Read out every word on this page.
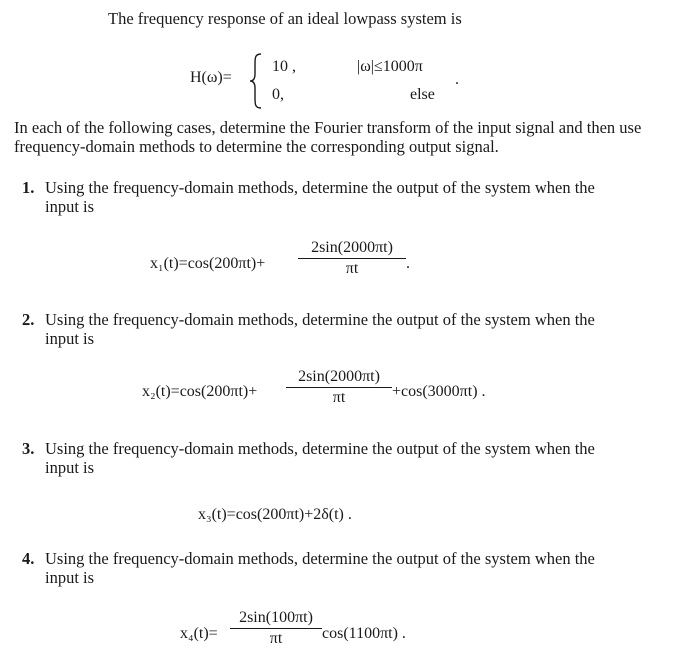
The frequency response of an ideal lowpass system is
H(ω)=
10 ,	|ω|≤1000π
0,	else
.
In each of the following cases, determine the Fourier transform of the input signal and then use
frequency-domain methods to determine the corresponding output signal.
1. Using the frequency-domain methods, determine the output of the system when the
input is
x₁(t)=cos(200πt)+
2sin(2000πt)
πt	.
2. Using the frequency-domain methods, determine the output of the system when the
input is
x₂(t)=cos(200πt)+
2sin(2000πt)
πt	+cos(3000πt) .
3. Using the frequency-domain methods, determine the output of the system when the
input is
x₃(t)=cos(200πt)+2δ(t) .
4. Using the frequency-domain methods, determine the output of the system when the
input is
x₄(t)=
2sin(100πt)
πt	cos(1100πt) .
